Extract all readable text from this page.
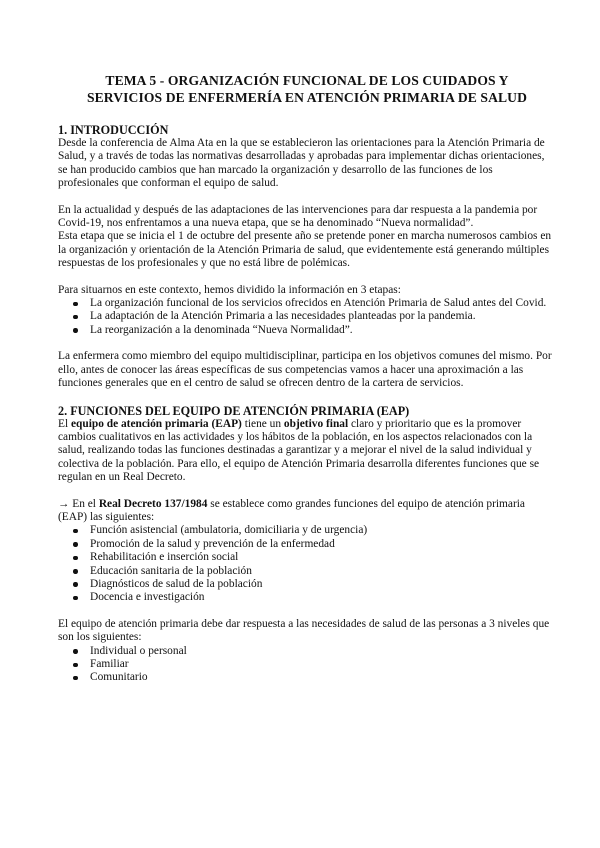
TEMA 5 - ORGANIZACIÓN FUNCIONAL DE LOS CUIDADOS Y
SERVICIOS DE ENFERMERÍA EN ATENCIÓN PRIMARIA DE SALUD
1. INTRODUCCIÓN

Desde la conferencia de Alma Ata en la que se establecieron las orientaciones para la Atención Primaria de Salud, y a través de todas las normativas desarrolladas y aprobadas para implementar dichas orientaciones, se han producido cambios que han marcado la organización y desarrollo de las funciones de los profesionales que conforman el equipo de salud.

En la actualidad y después de las adaptaciones de las intervenciones para dar respuesta a la pandemia por Covid-19, nos enfrentamos a una nueva etapa, que se ha denominado “Nueva normalidad”.

Esta etapa que se inicia el 1 de octubre del presente año se pretende poner en marcha numerosos cambios en la organización y orientación de la Atención Primaria de salud, que evidentemente está generando múltiples respuestas de los profesionales y que no está libre de polémicas.

Para situarnos en este contexto, hemos dividido la información en 3 etapas:

La organización funcional de los servicios ofrecidos en Atención Primaria de Salud antes del Covid.
La adaptación de la Atención Primaria a las necesidades planteadas por la pandemia.
La reorganización a la denominada “Nueva Normalidad”.

La enfermera como miembro del equipo multidisciplinar, participa en los objetivos comunes del mismo. Por ello, antes de conocer las áreas específicas de sus competencias vamos a hacer una aproximación a las funciones generales que en el centro de salud se ofrecen dentro de la cartera de servicios.

2. FUNCIONES DEL EQUIPO DE ATENCIÓN PRIMARIA (EAP)

El equipo de atención primaria (EAP) tiene un objetivo final claro y prioritario que es la promover cambios cualitativos en las actividades y los hábitos de la población, en los aspectos relacionados con la salud, realizando todas las funciones destinadas a garantizar y a mejorar el nivel de la salud individual y colectiva de la población. Para ello, el equipo de Atención Primaria desarrolla diferentes funciones que se regulan en un Real Decreto.

→ En el Real Decreto 137/1984 se establece como grandes funciones del equipo de atención primaria (EAP) las siguientes:

Función asistencial (ambulatoria, domiciliaria y de urgencia)
Promoción de la salud y prevención de la enfermedad
Rehabilitación e inserción social
Educación sanitaria de la población
Diagnósticos de salud de la población
Docencia e investigación

El equipo de atención primaria debe dar respuesta a las necesidades de salud de las personas a 3 niveles que son los siguientes:

Individual o personal
Familiar
Comunitario
